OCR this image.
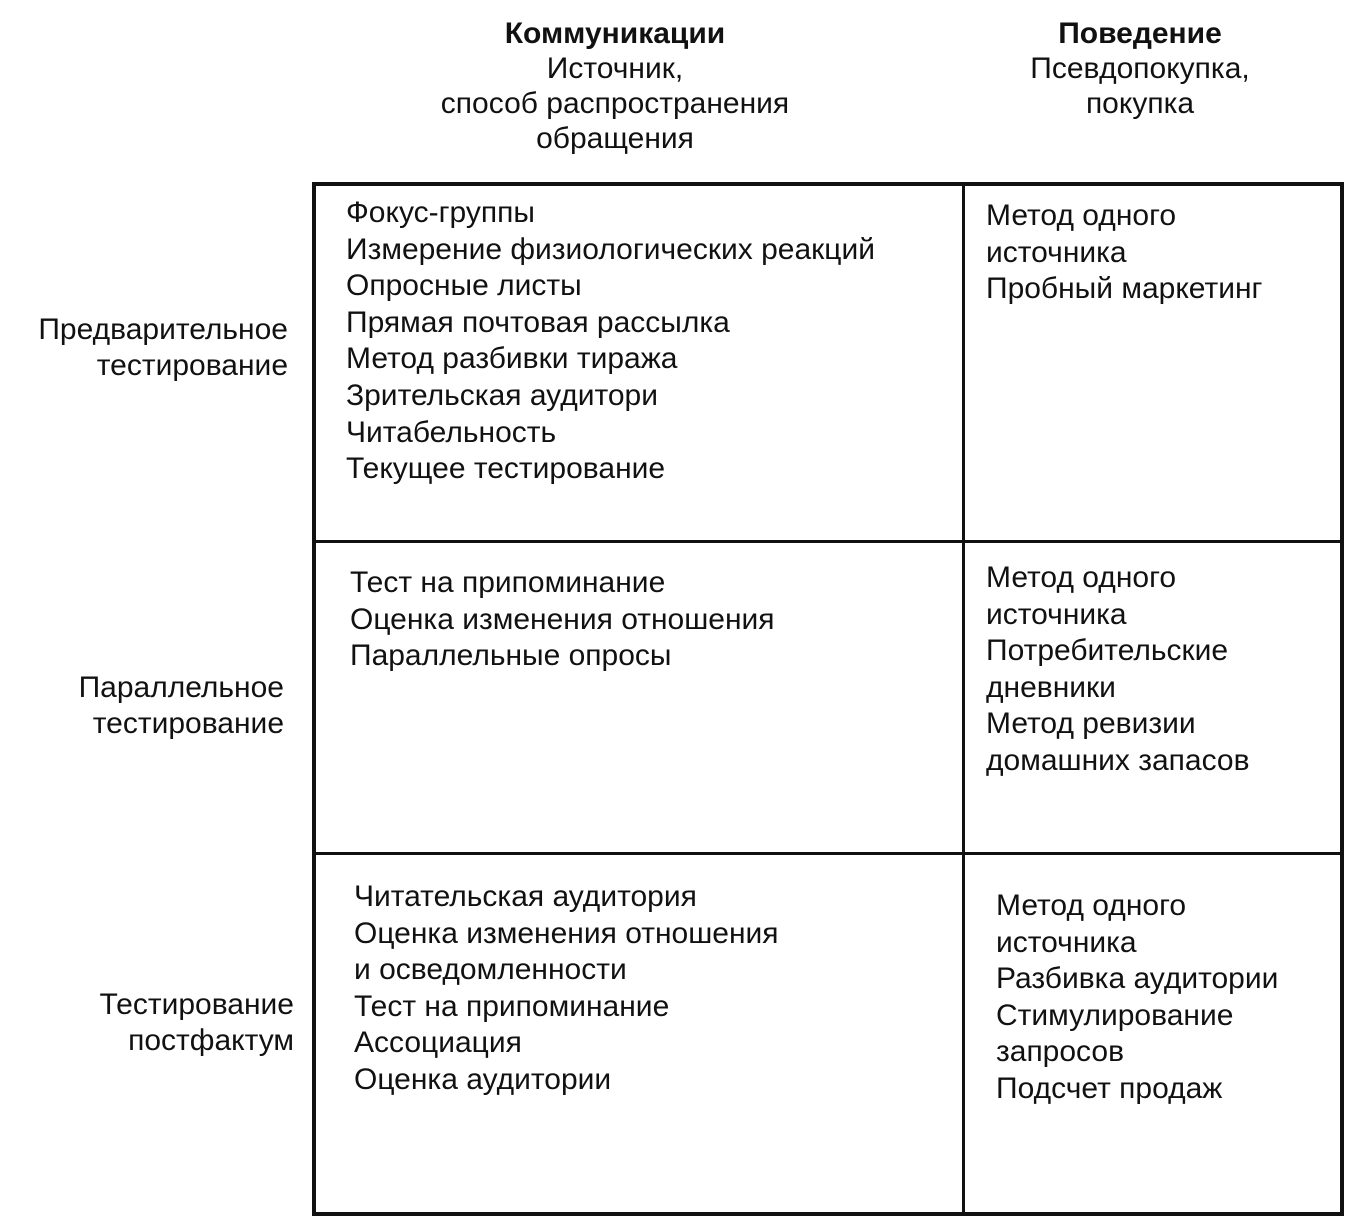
Коммуникации
Источник,
способ распространения
обращения
Поведение
Псевдопокупка,
покупка
Предварительное
тестирование
Параллельное
тестирование
Тестирование
постфактум
Фокус-группы
Измерение физиологических реакций
Опросные листы
Прямая почтовая рассылка
Метод разбивки тиража
Зрительская аудитори
Читабельность
Текущее тестирование
Метод одного
источника
Пробный маркетинг
Тест на припоминание
Оценка изменения отношения
Параллельные опросы
Метод одного
источника
Потребительские
дневники
Метод ревизии
домашних запасов
Читательская аудитория
Оценка изменения отношения
и осведомленности
Тест на припоминание
Ассоциация
Оценка аудитории
Метод одного
источника
Разбивка аудитории
Стимулирование
запросов
Подсчет продаж
